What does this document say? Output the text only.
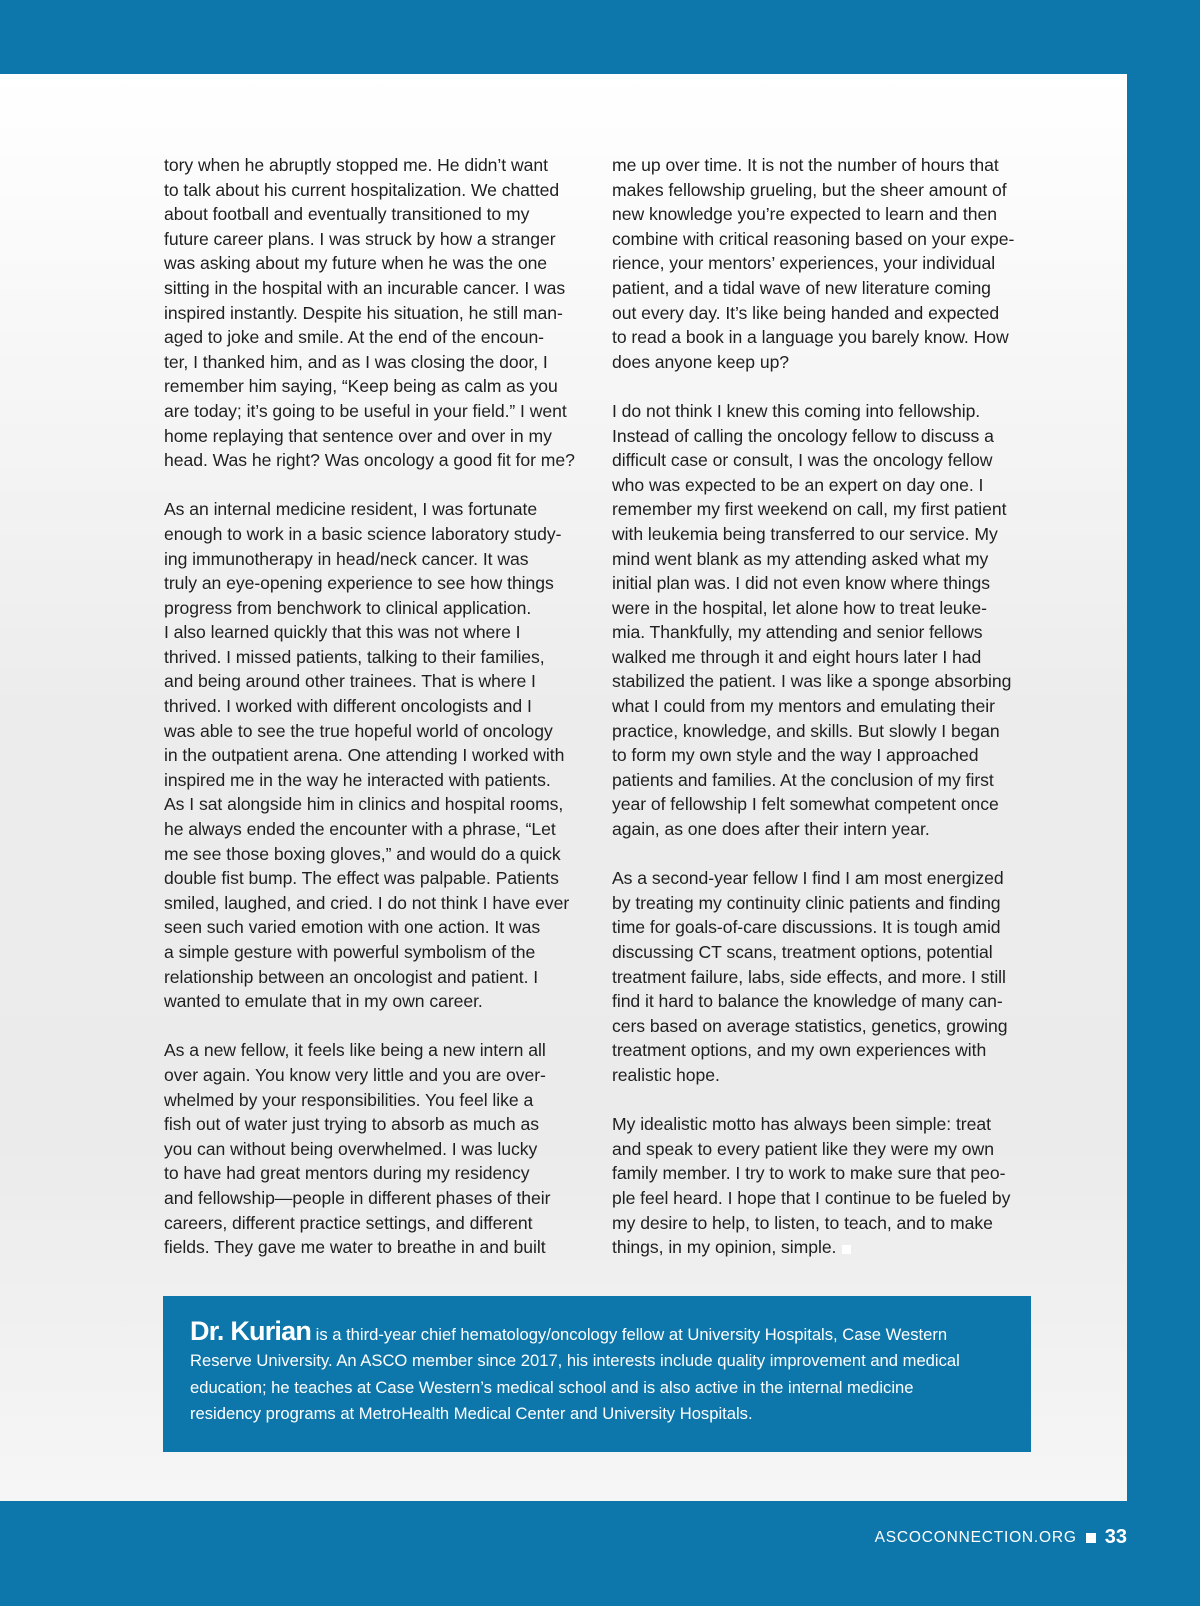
tory when he abruptly stopped me. He didn’t want
to talk about his current hospitalization. We chatted
about football and eventually transitioned to my
future career plans. I was struck by how a stranger
was asking about my future when he was the one
sitting in the hospital with an incurable cancer. I was
inspired instantly. Despite his situation, he still man-
aged to joke and smile. At the end of the encoun-
ter, I thanked him, and as I was closing the door, I
remember him saying, “Keep being as calm as you
are today; it’s going to be useful in your field.” I went
home replaying that sentence over and over in my
head. Was he right? Was oncology a good fit for me?

As an internal medicine resident, I was fortunate
enough to work in a basic science laboratory study-
ing immunotherapy in head/neck cancer. It was
truly an eye-opening experience to see how things
progress from benchwork to clinical application.
I also learned quickly that this was not where I
thrived. I missed patients, talking to their families,
and being around other trainees. That is where I
thrived. I worked with different oncologists and I
was able to see the true hopeful world of oncology
in the outpatient arena. One attending I worked with
inspired me in the way he interacted with patients.
As I sat alongside him in clinics and hospital rooms,
he always ended the encounter with a phrase, “Let
me see those boxing gloves,” and would do a quick
double fist bump. The effect was palpable. Patients
smiled, laughed, and cried. I do not think I have ever
seen such varied emotion with one action. It was
a simple gesture with powerful symbolism of the
relationship between an oncologist and patient. I
wanted to emulate that in my own career.

As a new fellow, it feels like being a new intern all
over again. You know very little and you are over-
whelmed by your responsibilities. You feel like a
fish out of water just trying to absorb as much as
you can without being overwhelmed. I was lucky
to have had great mentors during my residency
and fellowship—people in different phases of their
careers, different practice settings, and different
fields. They gave me water to breathe in and built

me up over time. It is not the number of hours that
makes fellowship grueling, but the sheer amount of
new knowledge you’re expected to learn and then
combine with critical reasoning based on your expe-
rience, your mentors’ experiences, your individual
patient, and a tidal wave of new literature coming
out every day. It’s like being handed and expected
to read a book in a language you barely know. How
does anyone keep up?

I do not think I knew this coming into fellowship.
Instead of calling the oncology fellow to discuss a
difficult case or consult, I was the oncology fellow
who was expected to be an expert on day one. I
remember my first weekend on call, my first patient
with leukemia being transferred to our service. My
mind went blank as my attending asked what my
initial plan was. I did not even know where things
were in the hospital, let alone how to treat leuke-
mia. Thankfully, my attending and senior fellows
walked me through it and eight hours later I had
stabilized the patient. I was like a sponge absorbing
what I could from my mentors and emulating their
practice, knowledge, and skills. But slowly I began
to form my own style and the way I approached
patients and families. At the conclusion of my first
year of fellowship I felt somewhat competent once
again, as one does after their intern year.

As a second-year fellow I find I am most energized
by treating my continuity clinic patients and finding
time for goals-of-care discussions. It is tough amid
discussing CT scans, treatment options, potential
treatment failure, labs, side effects, and more. I still
find it hard to balance the knowledge of many can-
cers based on average statistics, genetics, growing
treatment options, and my own experiences with
realistic hope.

My idealistic motto has always been simple: treat
and speak to every patient like they were my own
family member. I try to work to make sure that peo-
ple feel heard. I hope that I continue to be fueled by
my desire to help, to listen, to teach, and to make
things, in my opinion, simple.

Dr. Kurian is a third-year chief hematology/oncology fellow at University Hospitals, Case Western
Reserve University. An ASCO member since 2017, his interests include quality improvement and medical
education; he teaches at Case Western’s medical school and is also active in the internal medicine
residency programs at MetroHealth Medical Center and University Hospitals.
ASCOCONNECTION.ORG 33
